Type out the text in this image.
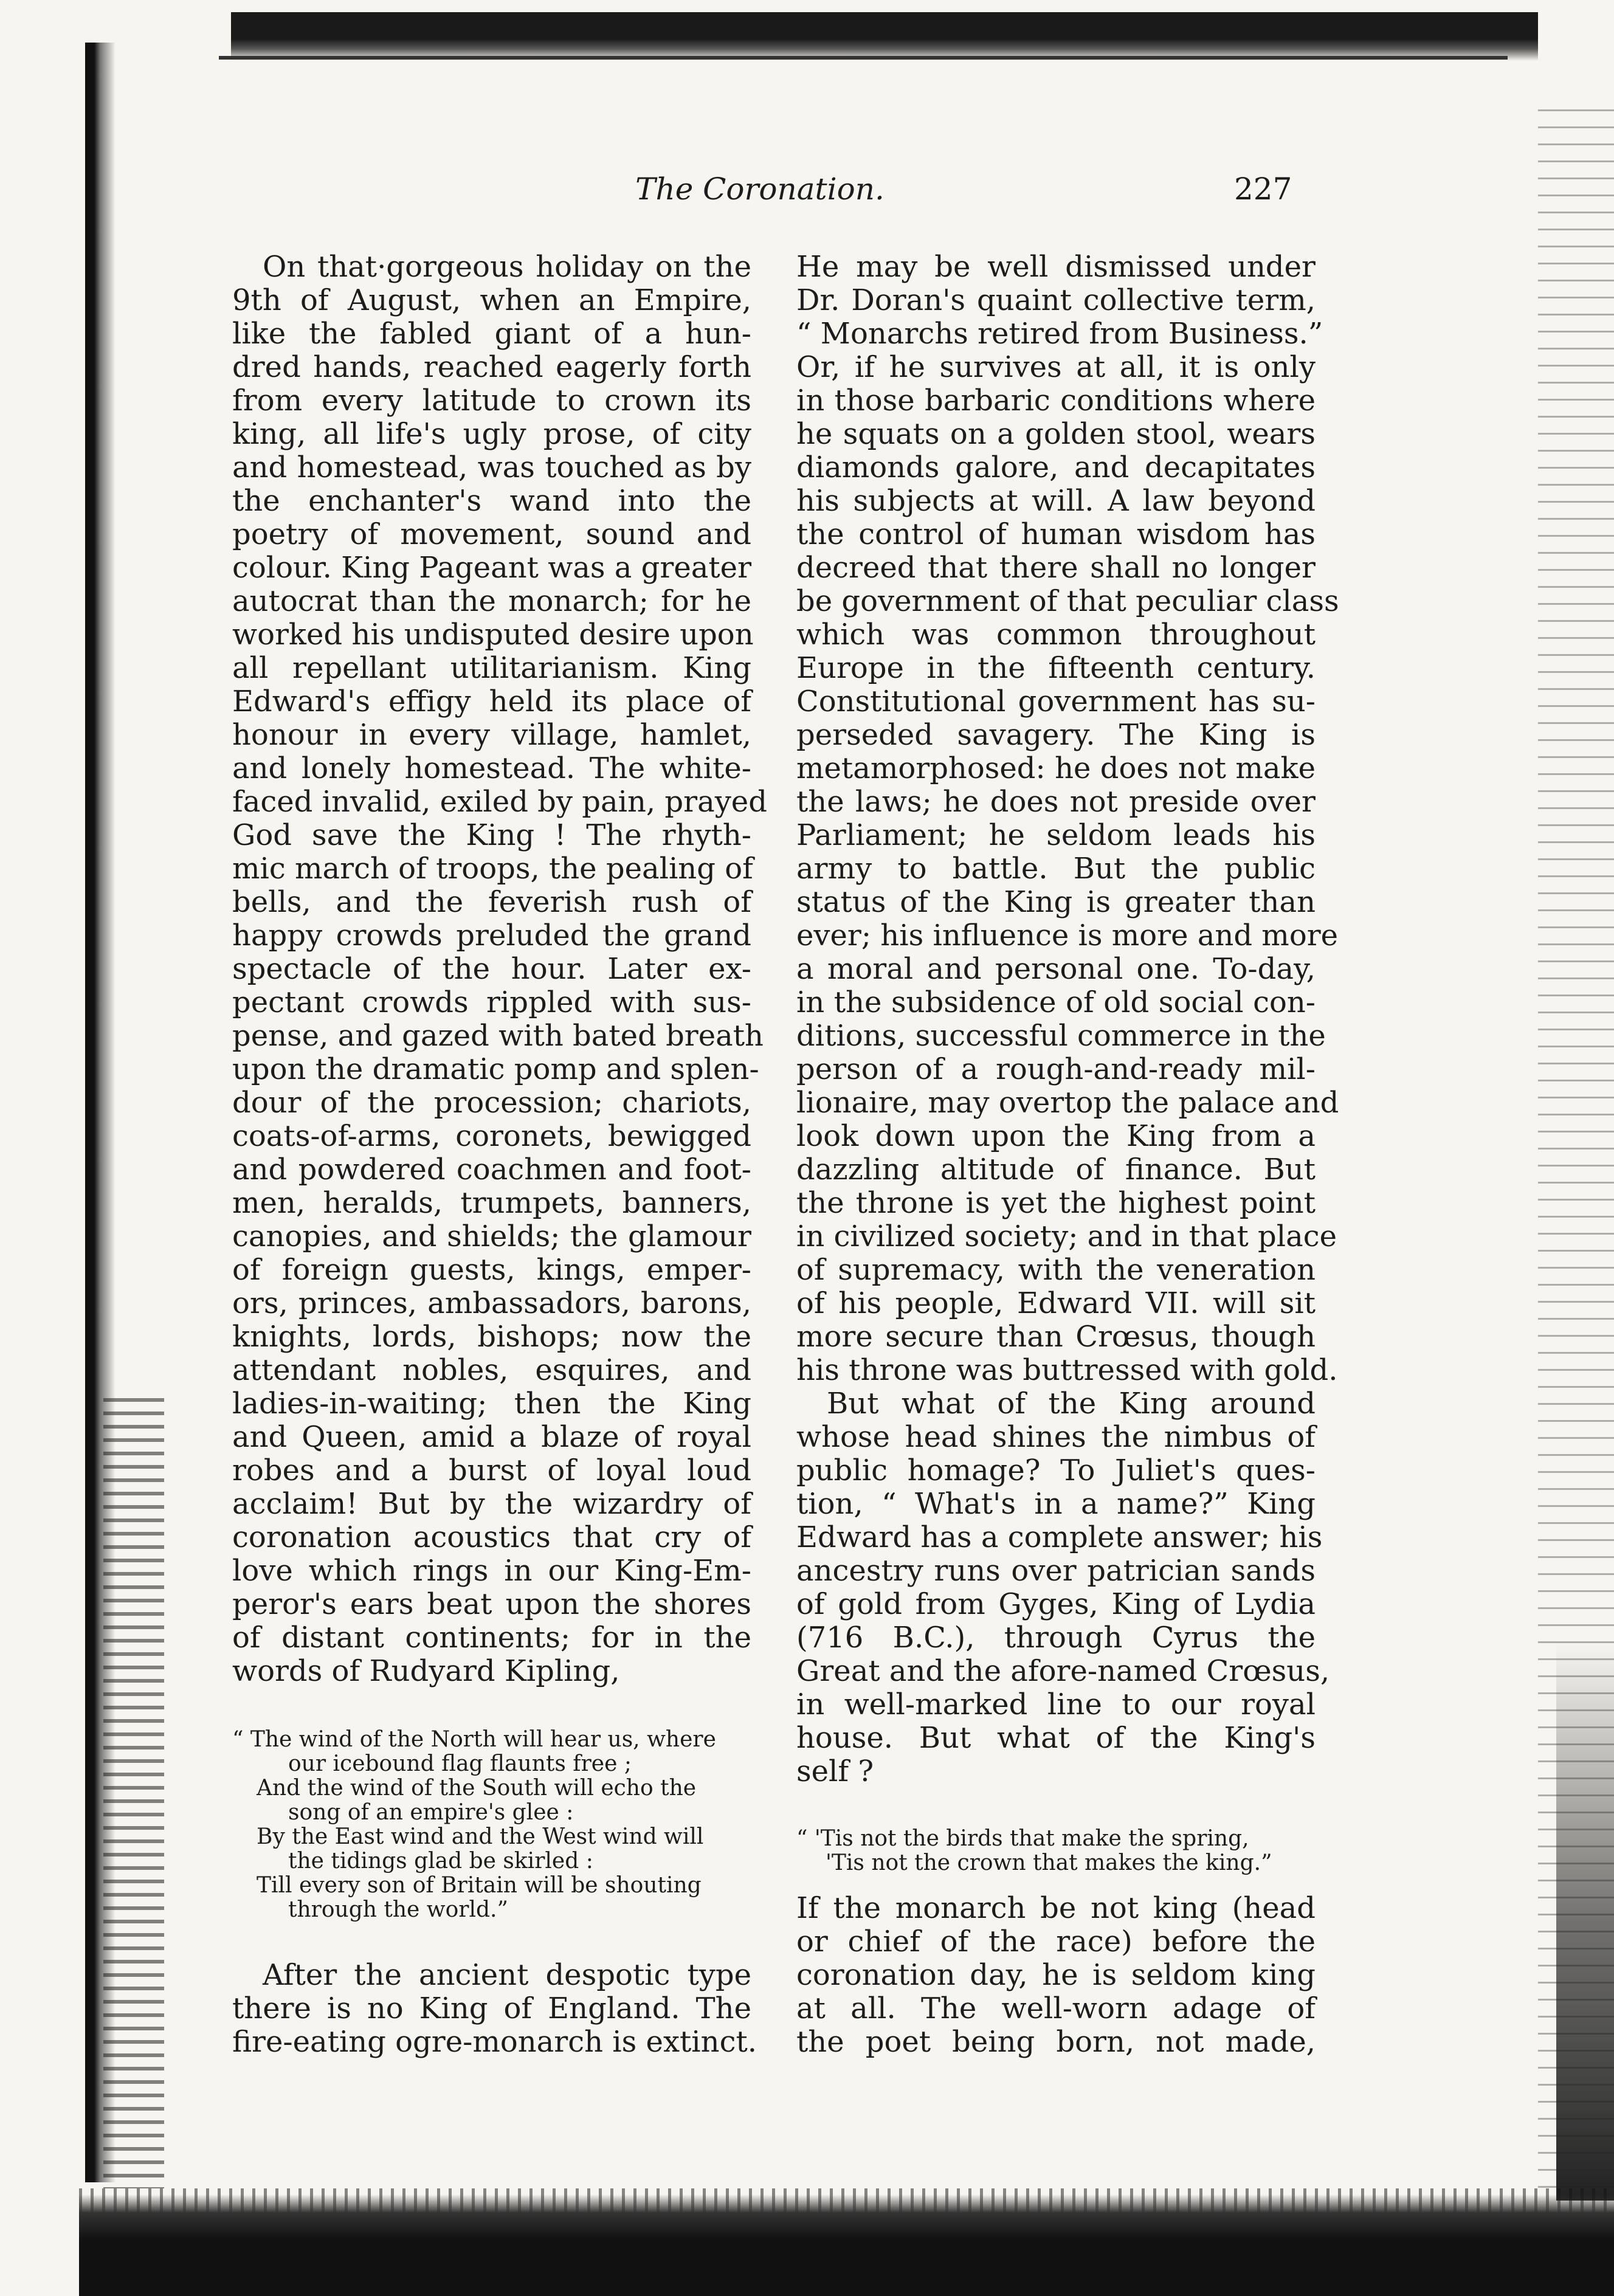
The Coronation.	227
On that·gorgeous holiday on the
9th of August, when an Empire,
like the fabled giant of a hun-
dred hands, reached eagerly forth
from every latitude to crown its
king, all life's ugly prose, of city
and homestead, was touched as by
the enchanter's wand into the
poetry of movement, sound and
colour. King Pageant was a greater
autocrat than the monarch; for he
worked his undisputed desire upon
all repellant utilitarianism. King
Edward's effigy held its place of
honour in every village, hamlet,
and lonely homestead. The white-
faced invalid, exiled by pain, prayed
God save the King ! The rhyth-
mic march of troops, the pealing of
bells, and the feverish rush of
happy crowds preluded the grand
spectacle of the hour. Later ex-
pectant crowds rippled with sus-
pense, and gazed with bated breath
upon the dramatic pomp and splen-
dour of the procession; chariots,
coats-of-arms, coronets, bewigged
and powdered coachmen and foot-
men, heralds, trumpets, banners,
canopies, and shields; the glamour
of foreign guests, kings, emper-
ors, princes, ambassadors, barons,
knights, lords, bishops; now the
attendant nobles, esquires, and
ladies-in-waiting; then the King
and Queen, amid a blaze of royal
robes and a burst of loyal loud
acclaim! But by the wizardry of
coronation acoustics that cry of
love which rings in our King-Em-
peror's ears beat upon the shores
of distant continents; for in the
words of Rudyard Kipling,
“ The wind of the North will hear us, where
our icebound flag flaunts free ;
And the wind of the South will echo the
song of an empire's glee :
By the East wind and the West wind will
the tidings glad be skirled :
Till every son of Britain will be shouting
through the world.”
After the ancient despotic type
there is no King of England. The
fire-eating ogre-monarch is extinct.
He may be well dismissed under
Dr. Doran's quaint collective term,
“ Monarchs retired from Business.”
Or, if he survives at all, it is only
in those barbaric conditions where
he squats on a golden stool, wears
diamonds galore, and decapitates
his subjects at will. A law beyond
the control of human wisdom has
decreed that there shall no longer
be government of that peculiar class
which was common throughout
Europe in the fifteenth century.
Constitutional government has su-
perseded savagery. The King is
metamorphosed: he does not make
the laws; he does not preside over
Parliament; he seldom leads his
army to battle. But the public
status of the King is greater than
ever; his influence is more and more
a moral and personal one. To-day,
in the subsidence of old social con-
ditions, successful commerce in the
person of a rough-and-ready mil-
lionaire, may overtop the palace and
look down upon the King from a
dazzling altitude of finance. But
the throne is yet the highest point
in civilized society; and in that place
of supremacy, with the veneration
of his people, Edward VII. will sit
more secure than Crœsus, though
his throne was buttressed with gold.
But what of the King around
whose head shines the nimbus of
public homage? To Juliet's ques-
tion, “ What's in a name?” King
Edward has a complete answer; his
ancestry runs over patrician sands
of gold from Gyges, King of Lydia
(716 B.C.), through Cyrus the
Great and the afore-named Crœsus,
in well-marked line to our royal
house. But what of the King's
self ?
“ 'Tis not the birds that make the spring,
'Tis not the crown that makes the king.”
If the monarch be not king (head
or chief of the race) before the
coronation day, he is seldom king
at all. The well-worn adage of
the poet being born, not made,
